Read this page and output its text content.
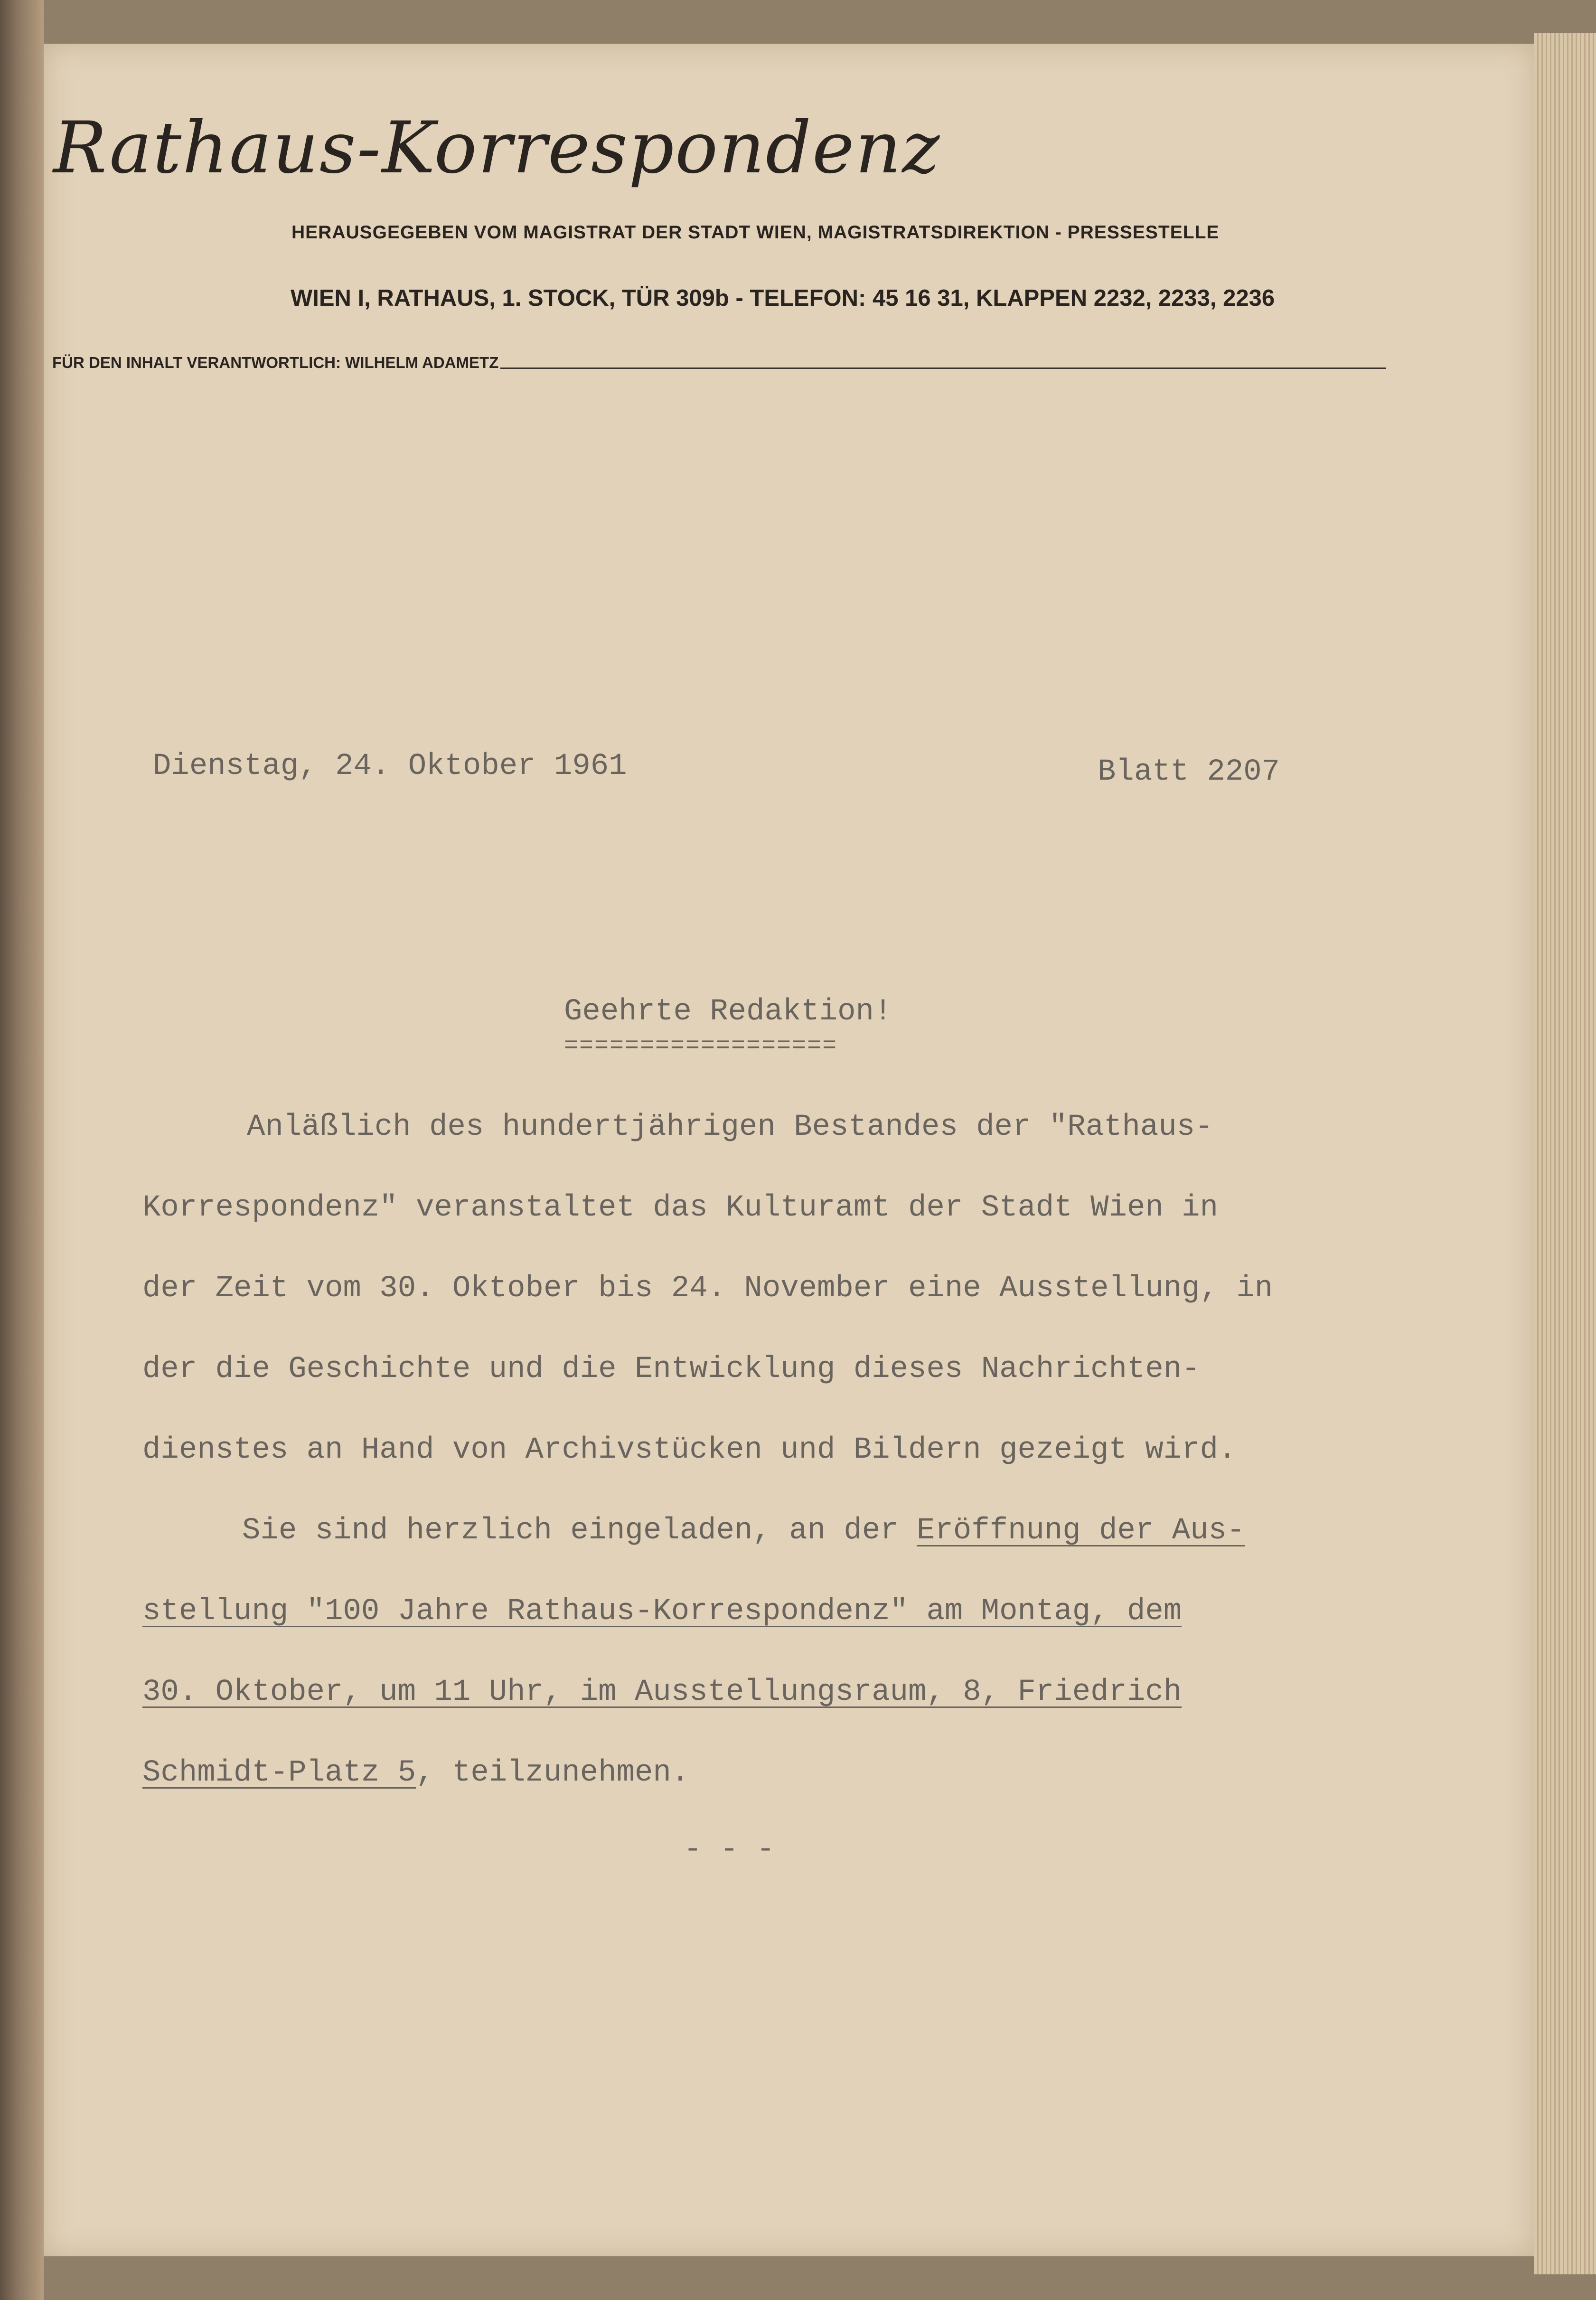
Rathaus-Korrespondenz
HERAUSGEGEBEN VOM MAGISTRAT DER STADT WIEN, MAGISTRATSDIREKTION - PRESSESTELLE
WIEN I, RATHAUS, 1. STOCK, TÜR 309b - TELEFON: 45 16 31, KLAPPEN 2232, 2233, 2236
FÜR DEN INHALT VERANTWORTLICH: WILHELM ADAMETZ
Dienstag, 24. Oktober 1961	Blatt 2207
Geehrte Redaktion!
==================
Anläßlich des hundertjährigen Bestandes der "Rathaus-
Korrespondenz" veranstaltet das Kulturamt der Stadt Wien in
der Zeit vom 30. Oktober bis 24. November eine Ausstellung, in
der die Geschichte und die Entwicklung dieses Nachrichten-
dienstes an Hand von Archivstücken und Bildern gezeigt wird.
Sie sind herzlich eingeladen, an der Eröffnung der Aus-
stellung "100 Jahre Rathaus-Korrespondenz" am Montag, dem
30. Oktober, um 11 Uhr, im Ausstellungsraum, 8, Friedrich
Schmidt-Platz 5, teilzunehmen.
- - -
